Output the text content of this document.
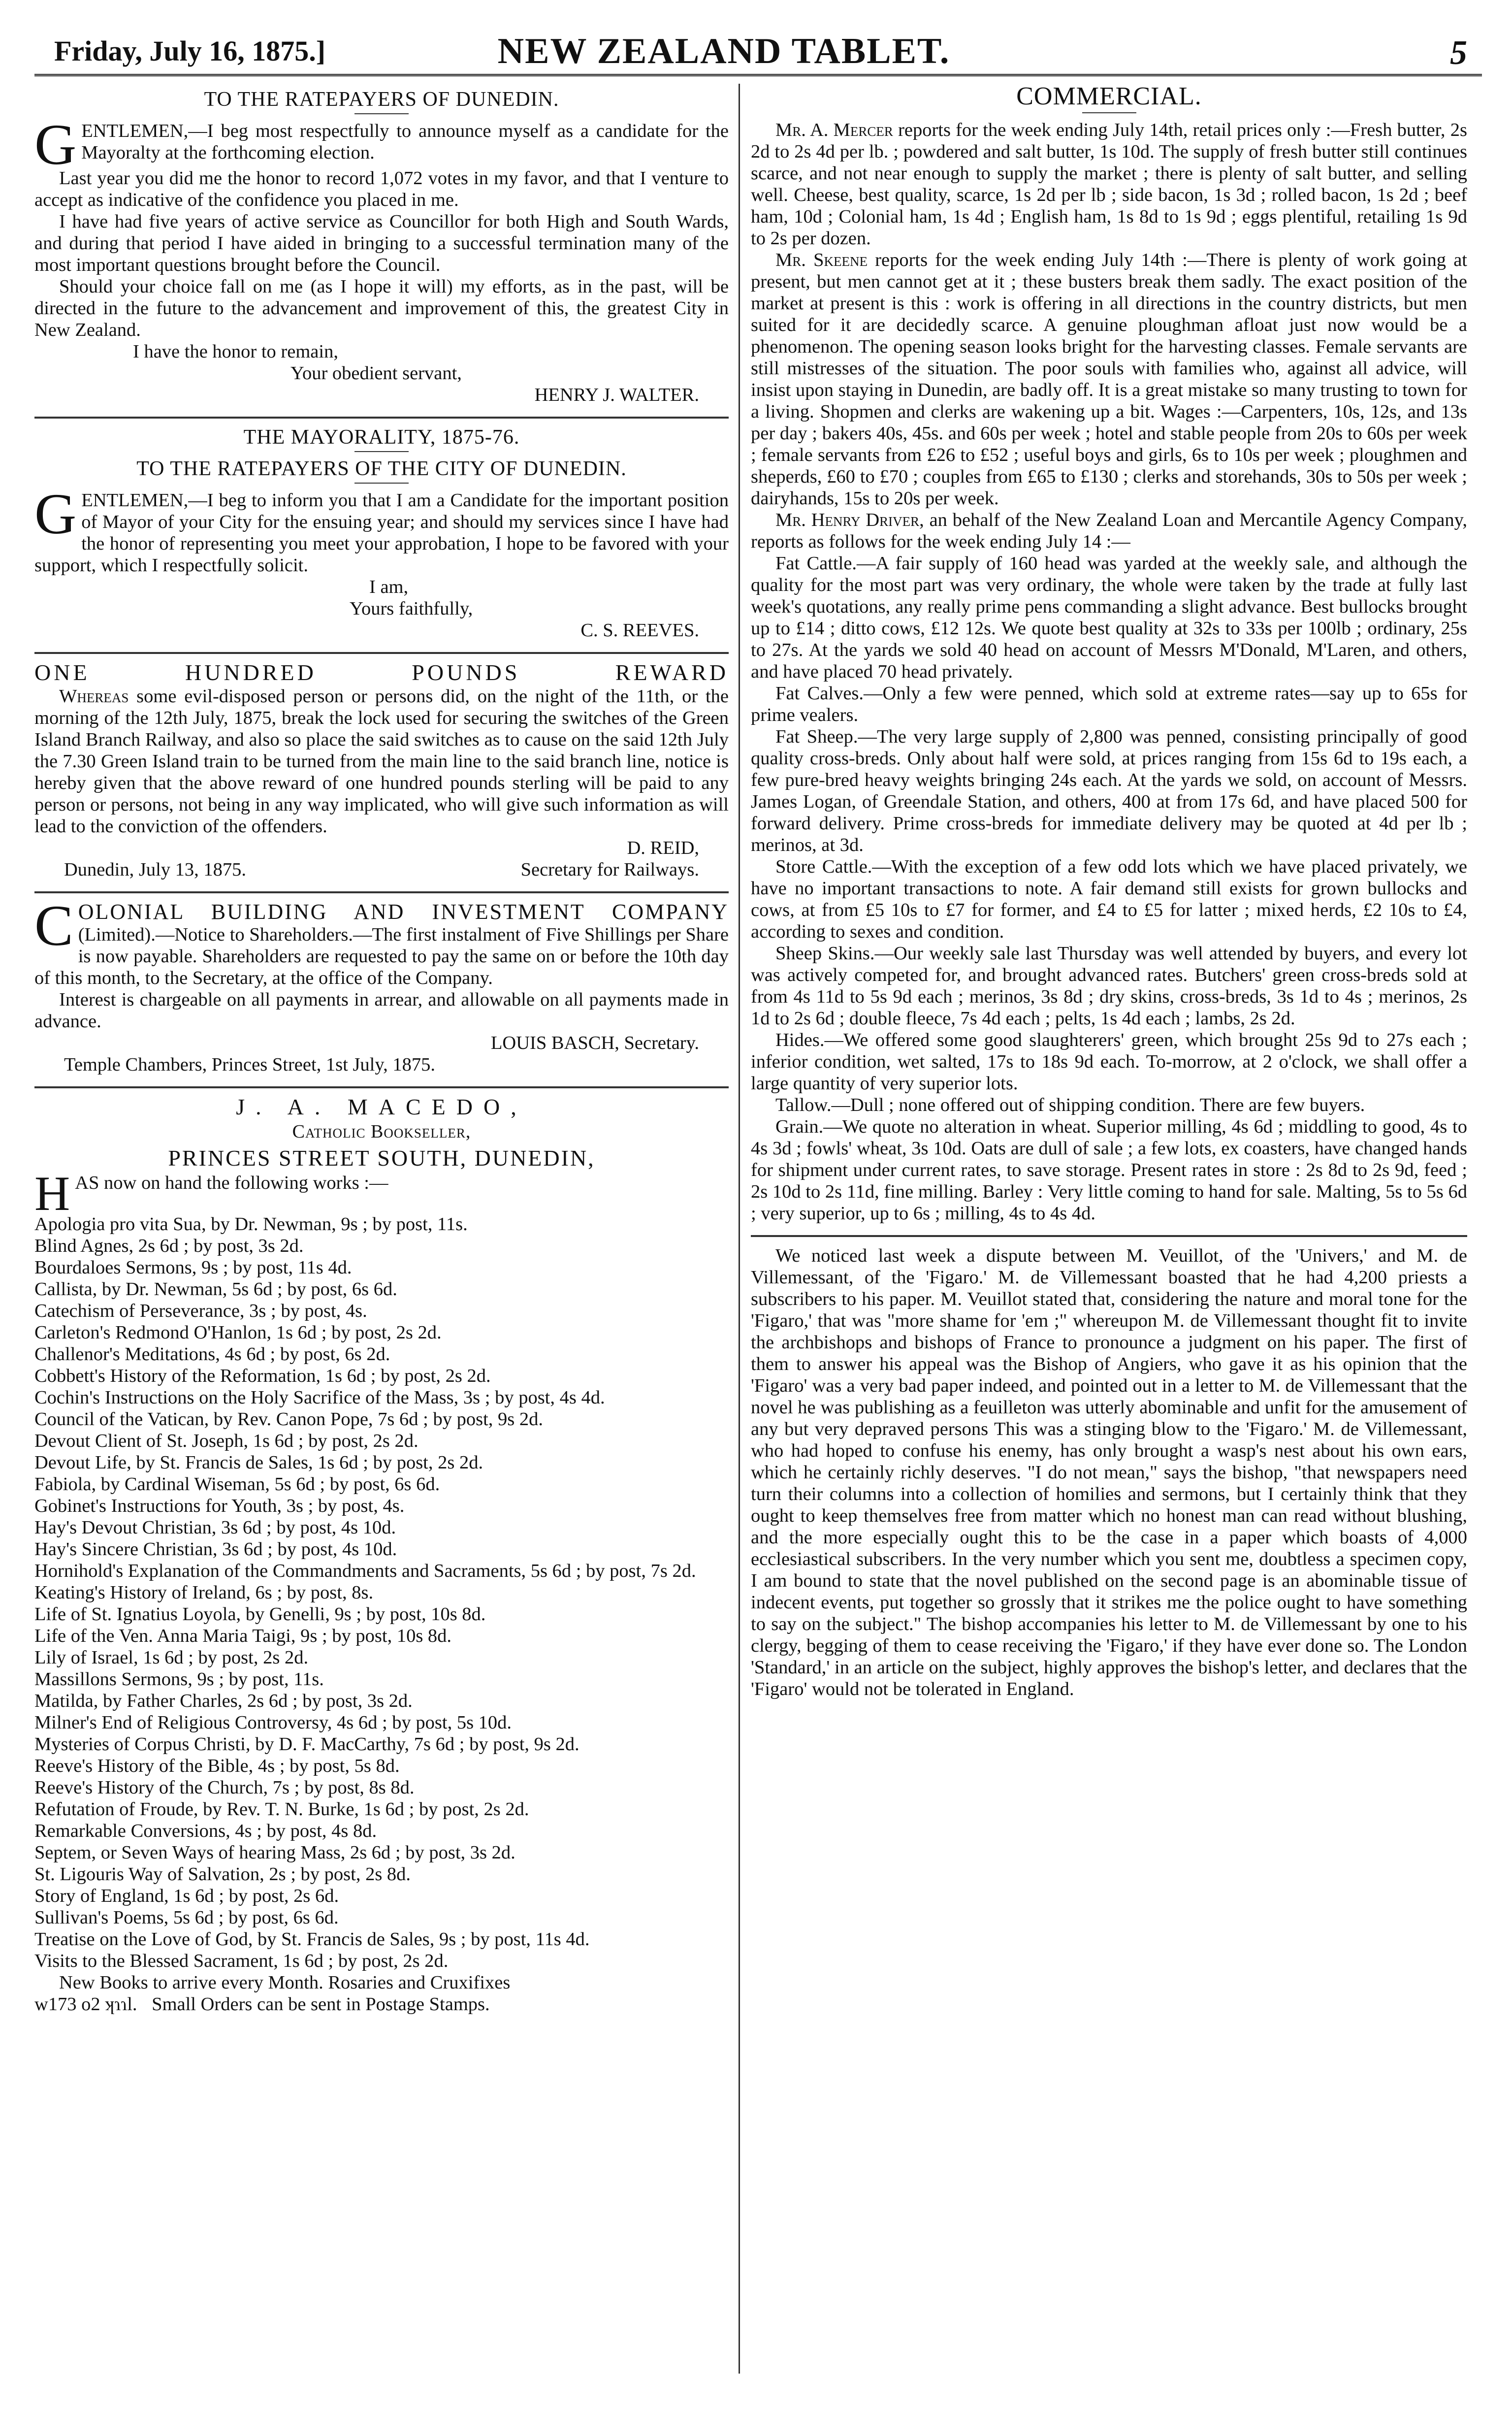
Friday, July 16, 1875.]	NEW ZEALAND TABLET.	5
TO THE RATEPAYERS OF DUNEDIN.

GENTLEMEN,—I beg most respectfully to announce myself as a candidate for the Mayoralty at the forthcoming election.

Last year you did me the honor to record 1,072 votes in my favor, and that I venture to accept as indicative of the confidence you placed in me.

I have had five years of active service as Councillor for both High and South Wards, and during that period I have aided in bringing to a successful termination many of the most important questions brought before the Council.

Should your choice fall on me (as I hope it will) my efforts, as in the past, will be directed in the future to the advancement and improvement of this, the greatest City in New Zealand.

I have the honor to remain,

Your obedient servant,

HENRY J. WALTER.

THE MAYORALITY, 1875-76.
TO THE RATEPAYERS OF THE CITY OF DUNEDIN.

GENTLEMEN,—I beg to inform you that I am a Candidate for the important position of Mayor of your City for the ensuing year; and should my services since I have had the honor of representing you meet your approbation, I hope to be favored with your support, which I respectfully solicit.

I am,

Yours faithfully,

C. S. REEVES.

ONE HUNDRED POUNDS REWARD

Whereas some evil-disposed person or persons did, on the night of the 11th, or the morning of the 12th July, 1875, break the lock used for securing the switches of the Green Island Branch Railway, and also so place the said switches as to cause on the said 12th July the 7.30 Green Island train to be turned from the main line to the said branch line, notice is hereby given that the above reward of one hundred pounds sterling will be paid to any person or persons, not being in any way implicated, who will give such information as will lead to the conviction of the offenders.

D. REID,

Dunedin, July 13, 1875.	Secretary for Railways.

COLONIAL BUILDING AND INVESTMENT COMPANY (Limited).—Notice to Shareholders.—The first instalment of Five Shillings per Share is now payable. Shareholders are requested to pay the same on or before the 10th day of this month, to the Secretary, at the office of the Company.

Interest is chargeable on all payments in arrear, and allowable on all payments made in advance.

LOUIS BASCH, Secretary.

Temple Chambers, Princes Street, 1st July, 1875.

J. A. MACEDO,
Catholic Bookseller,
PRINCES STREET SOUTH, DUNEDIN,

HAS now on hand the following works :—

Apologia pro vita Sua, by Dr. Newman, 9s ; by post, 11s.

Blind Agnes, 2s 6d ; by post, 3s 2d.

Bourdaloes Sermons, 9s ; by post, 11s 4d.

Callista, by Dr. Newman, 5s 6d ; by post, 6s 6d.

Catechism of Perseverance, 3s ; by post, 4s.

Carleton's Redmond O'Hanlon, 1s 6d ; by post, 2s 2d.

Challenor's Meditations, 4s 6d ; by post, 6s 2d.

Cobbett's History of the Reformation, 1s 6d ; by post, 2s 2d.

Cochin's Instructions on the Holy Sacrifice of the Mass, 3s ; by post, 4s 4d.

Council of the Vatican, by Rev. Canon Pope, 7s 6d ; by post, 9s 2d.

Devout Client of St. Joseph, 1s 6d ; by post, 2s 2d.

Devout Life, by St. Francis de Sales, 1s 6d ; by post, 2s 2d.

Fabiola, by Cardinal Wiseman, 5s 6d ; by post, 6s 6d.

Gobinet's Instructions for Youth, 3s ; by post, 4s.

Hay's Devout Christian, 3s 6d ; by post, 4s 10d.

Hay's Sincere Christian, 3s 6d ; by post, 4s 10d.

Hornihold's Explanation of the Commandments and Sacraments, 5s 6d ; by post, 7s 2d.

Keating's History of Ireland, 6s ; by post, 8s.

Life of St. Ignatius Loyola, by Genelli, 9s ; by post, 10s 8d.

Life of the Ven. Anna Maria Taigi, 9s ; by post, 10s 8d.

Lily of Israel, 1s 6d ; by post, 2s 2d.

Massillons Sermons, 9s ; by post, 11s.

Matilda, by Father Charles, 2s 6d ; by post, 3s 2d.

Milner's End of Religious Controversy, 4s 6d ; by post, 5s 10d.

Mysteries of Corpus Christi, by D. F. MacCarthy, 7s 6d ; by post, 9s 2d.

Reeve's History of the Bible, 4s ; by post, 5s 8d.

Reeve's History of the Church, 7s ; by post, 8s 8d.

Refutation of Froude, by Rev. T. N. Burke, 1s 6d ; by post, 2s 2d.

Remarkable Conversions, 4s ; by post, 4s 8d.

Septem, or Seven Ways of hearing Mass, 2s 6d ; by post, 3s 2d.

St. Ligouris Way of Salvation, 2s ; by post, 2s 8d.

Story of England, 1s 6d ; by post, 2s 6d.

Sullivan's Poems, 5s 6d ; by post, 6s 6d.

Treatise on the Love of God, by St. Francis de Sales, 9s ; by post, 11s 4d.

Visits to the Blessed Sacrament, 1s 6d ; by post, 2s 2d.

New Books to arrive every Month. Rosaries and Cruxifixes

w173 o2 ʞɿɿl. Small Orders can be sent in Postage Stamps.

COMMERCIAL.

Mr. A. Mercer reports for the week ending July 14th, retail prices only :—Fresh butter, 2s 2d to 2s 4d per lb. ; powdered and salt butter, 1s 10d. The supply of fresh butter still continues scarce, and not near enough to supply the market ; there is plenty of salt butter, and selling well. Cheese, best quality, scarce, 1s 2d per lb ; side bacon, 1s 3d ; rolled bacon, 1s 2d ; beef ham, 10d ; Colonial ham, 1s 4d ; English ham, 1s 8d to 1s 9d ; eggs plentiful, retailing 1s 9d to 2s per dozen.

Mr. Skeene reports for the week ending July 14th :—There is plenty of work going at present, but men cannot get at it ; these busters break them sadly. The exact position of the market at present is this : work is offering in all directions in the country districts, but men suited for it are decidedly scarce. A genuine ploughman afloat just now would be a phenomenon. The opening season looks bright for the harvesting classes. Female servants are still mistresses of the situation. The poor souls with families who, against all advice, will insist upon staying in Dunedin, are badly off. It is a great mistake so many trusting to town for a living. Shopmen and clerks are wakening up a bit. Wages :—Carpenters, 10s, 12s, and 13s per day ; bakers 40s, 45s. and 60s per week ; hotel and stable people from 20s to 60s per week ; female servants from £26 to £52 ; useful boys and girls, 6s to 10s per week ; ploughmen and sheperds, £60 to £70 ; couples from £65 to £130 ; clerks and storehands, 30s to 50s per week ; dairyhands, 15s to 20s per week.

Mr. Henry Driver, an behalf of the New Zealand Loan and Mercantile Agency Company, reports as follows for the week ending July 14 :—

Fat Cattle.—A fair supply of 160 head was yarded at the weekly sale, and although the quality for the most part was very ordinary, the whole were taken by the trade at fully last week's quotations, any really prime pens commanding a slight advance. Best bullocks brought up to £14 ; ditto cows, £12 12s. We quote best quality at 32s to 33s per 100lb ; ordinary, 25s to 27s. At the yards we sold 40 head on account of Messrs M'Donald, M'Laren, and others, and have placed 70 head privately.

Fat Calves.—Only a few were penned, which sold at extreme rates—say up to 65s for prime vealers.

Fat Sheep.—The very large supply of 2,800 was penned, consisting principally of good quality cross-breds. Only about half were sold, at prices ranging from 15s 6d to 19s each, a few pure-bred heavy weights bringing 24s each. At the yards we sold, on account of Messrs. James Logan, of Greendale Station, and others, 400 at from 17s 6d, and have placed 500 for forward delivery. Prime cross-breds for immediate delivery may be quoted at 4d per lb ; merinos, at 3d.

Store Cattle.—With the exception of a few odd lots which we have placed privately, we have no important transactions to note. A fair demand still exists for grown bullocks and cows, at from £5 10s to £7 for former, and £4 to £5 for latter ; mixed herds, £2 10s to £4, according to sexes and condition.

Sheep Skins.—Our weekly sale last Thursday was well attended by buyers, and every lot was actively competed for, and brought advanced rates. Butchers' green cross-breds sold at from 4s 11d to 5s 9d each ; merinos, 3s 8d ; dry skins, cross-breds, 3s 1d to 4s ; merinos, 2s 1d to 2s 6d ; double fleece, 7s 4d each ; pelts, 1s 4d each ; lambs, 2s 2d.

Hides.—We offered some good slaughterers' green, which brought 25s 9d to 27s each ; inferior condition, wet salted, 17s to 18s 9d each. To-morrow, at 2 o'clock, we shall offer a large quantity of very superior lots.

Tallow.—Dull ; none offered out of shipping condition. There are few buyers.

Grain.—We quote no alteration in wheat. Superior milling, 4s 6d ; middling to good, 4s to 4s 3d ; fowls' wheat, 3s 10d. Oats are dull of sale ; a few lots, ex coasters, have changed hands for shipment under current rates, to save storage. Present rates in store : 2s 8d to 2s 9d, feed ; 2s 10d to 2s 11d, fine milling. Barley : Very little coming to hand for sale. Malting, 5s to 5s 6d ; very superior, up to 6s ; milling, 4s to 4s 4d.

We noticed last week a dispute between M. Veuillot, of the 'Univers,' and M. de Villemessant, of the 'Figaro.' M. de Villemessant boasted that he had 4,200 priests a subscribers to his paper. M. Veuillot stated that, considering the nature and moral tone for the 'Figaro,' that was "more shame for 'em ;" whereupon M. de Villemessant thought fit to invite the archbishops and bishops of France to pronounce a judgment on his paper. The first of them to answer his appeal was the Bishop of Angiers, who gave it as his opinion that the 'Figaro' was a very bad paper indeed, and pointed out in a letter to M. de Villemessant that the novel he was publishing as a feuilleton was utterly abominable and unfit for the amusement of any but very depraved persons This was a stinging blow to the 'Figaro.' M. de Villemessant, who had hoped to confuse his enemy, has only brought a wasp's nest about his own ears, which he certainly richly deserves. "I do not mean," says the bishop, "that newspapers need turn their columns into a collection of homilies and sermons, but I certainly think that they ought to keep themselves free from matter which no honest man can read without blushing, and the more especially ought this to be the case in a paper which boasts of 4,000 ecclesiastical subscribers. In the very number which you sent me, doubtless a specimen copy, I am bound to state that the novel published on the second page is an abominable tissue of indecent events, put together so grossly that it strikes me the police ought to have something to say on the subject." The bishop accompanies his letter to M. de Villemessant by one to his clergy, begging of them to cease receiving the 'Figaro,' if they have ever done so. The London 'Standard,' in an article on the subject, highly approves the bishop's letter, and declares that the 'Figaro' would not be tolerated in England.
